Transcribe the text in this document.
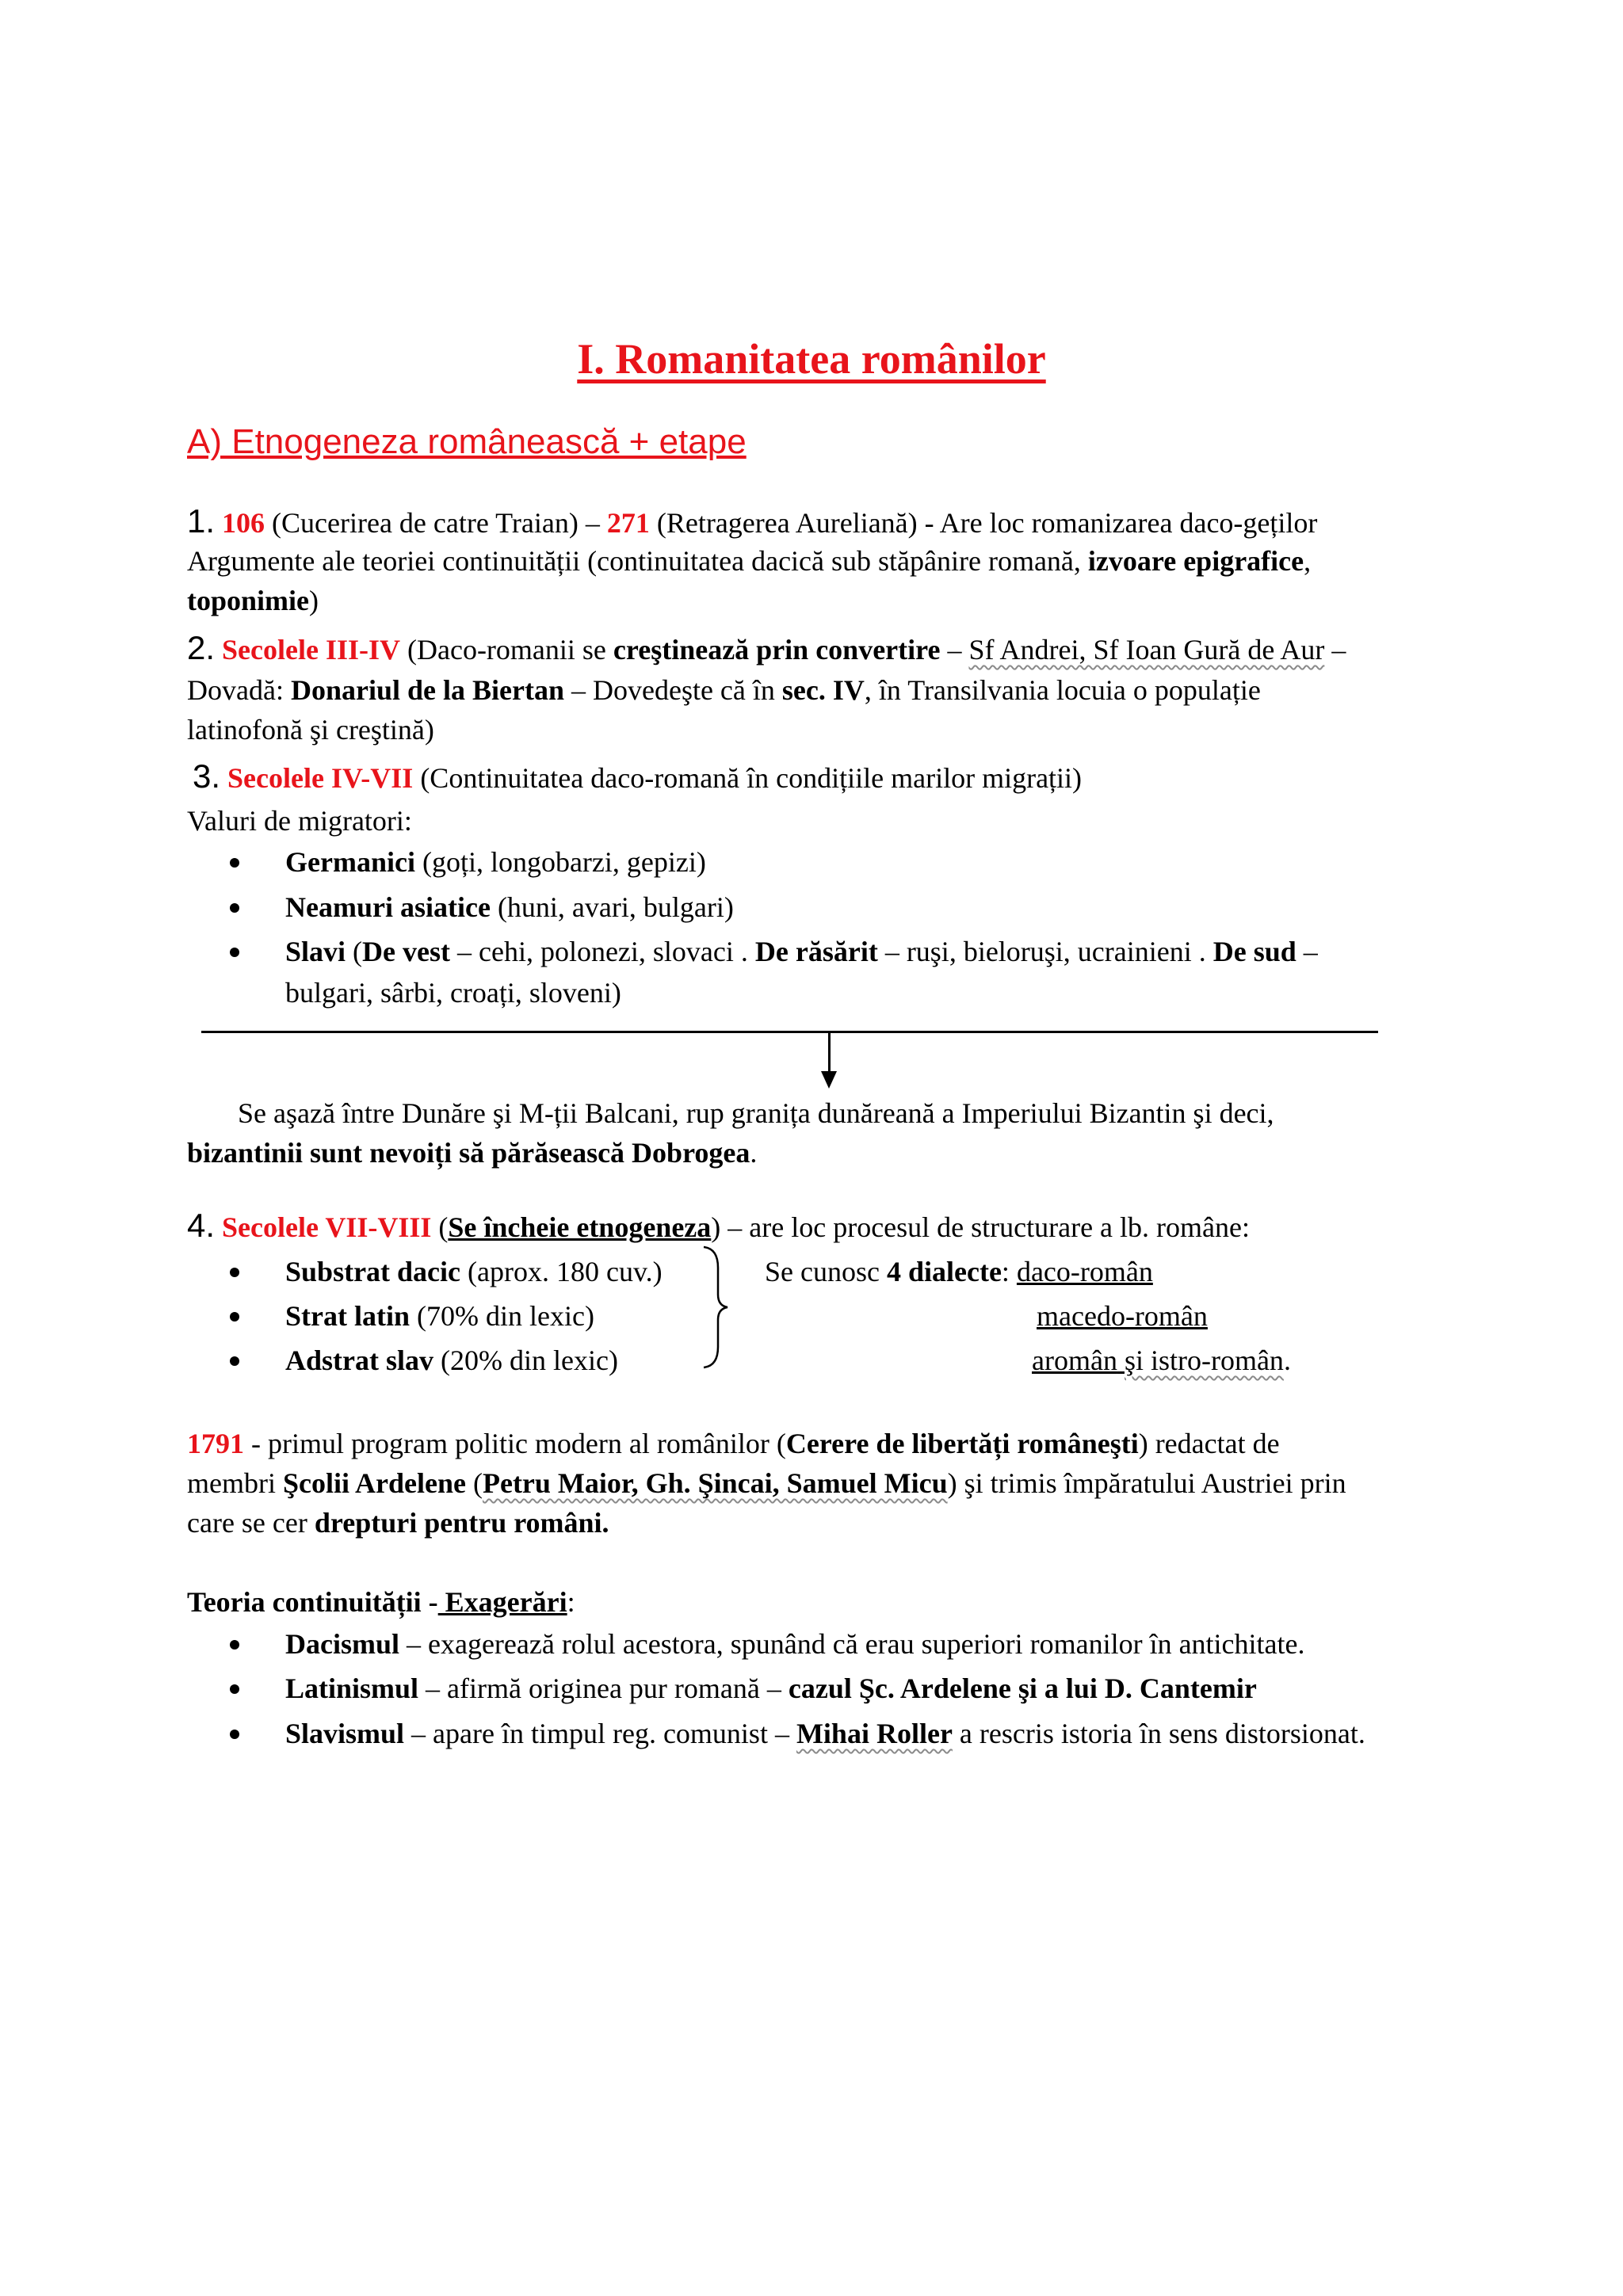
I. Romanitatea românilor
A) Etnogeneza românească + etape
1. 106 (Cucerirea de catre Traian) – 271 (Retragerea Aureliană) - Are loc romanizarea daco-geților
Argumente ale teoriei continuității (continuitatea dacică sub stăpânire romană, izvoare epigrafice,
toponimie)
2. Secolele III-IV (Daco-romanii se creştinează prin convertire – Sf Andrei, Sf Ioan Gură de Aur –
Dovadă: Donariul de la Biertan – Dovedeşte că în sec. IV, în Transilvania locuia o populație
latinofonă şi creştină)
3. Secolele IV-VII (Continuitatea daco-romană în condițiile marilor migrații)
Valuri de migratori:
Germanici (goți, longobarzi, gepizi)
Neamuri asiatice (huni, avari, bulgari)
Slavi (De vest – cehi, polonezi, slovaci . De răsărit – ruşi, bieloruşi, ucrainieni . De sud –
bulgari, sârbi, croați, sloveni)
Se aşază între Dunăre şi M-ții Balcani, rup granița dunăreană a Imperiului Bizantin şi deci,
bizantinii sunt nevoiți să părăsească Dobrogea.
4. Secolele VII-VIII (Se încheie etnogeneza) – are loc procesul de structurare a lb. române:
Substrat dacic (aprox. 180 cuv.)
Strat latin (70% din lexic)
Adstrat slav (20% din lexic)
Se cunosc 4 dialecte: daco-român
macedo-român
aromân şi istro-român.
1791 - primul program politic modern al românilor (Cerere de libertăți româneşti) redactat de
membri Şcolii Ardelene (Petru Maior, Gh. Şincai, Samuel Micu) şi trimis împăratului Austriei prin
care se cer drepturi pentru români.
Teoria continuității - Exagerări:
Dacismul – exagerează rolul acestora, spunând că erau superiori romanilor în antichitate.
Latinismul – afirmă originea pur romană – cazul Şc. Ardelene şi a lui D. Cantemir
Slavismul – apare în timpul reg. comunist – Mihai Roller a rescris istoria în sens distorsionat.
